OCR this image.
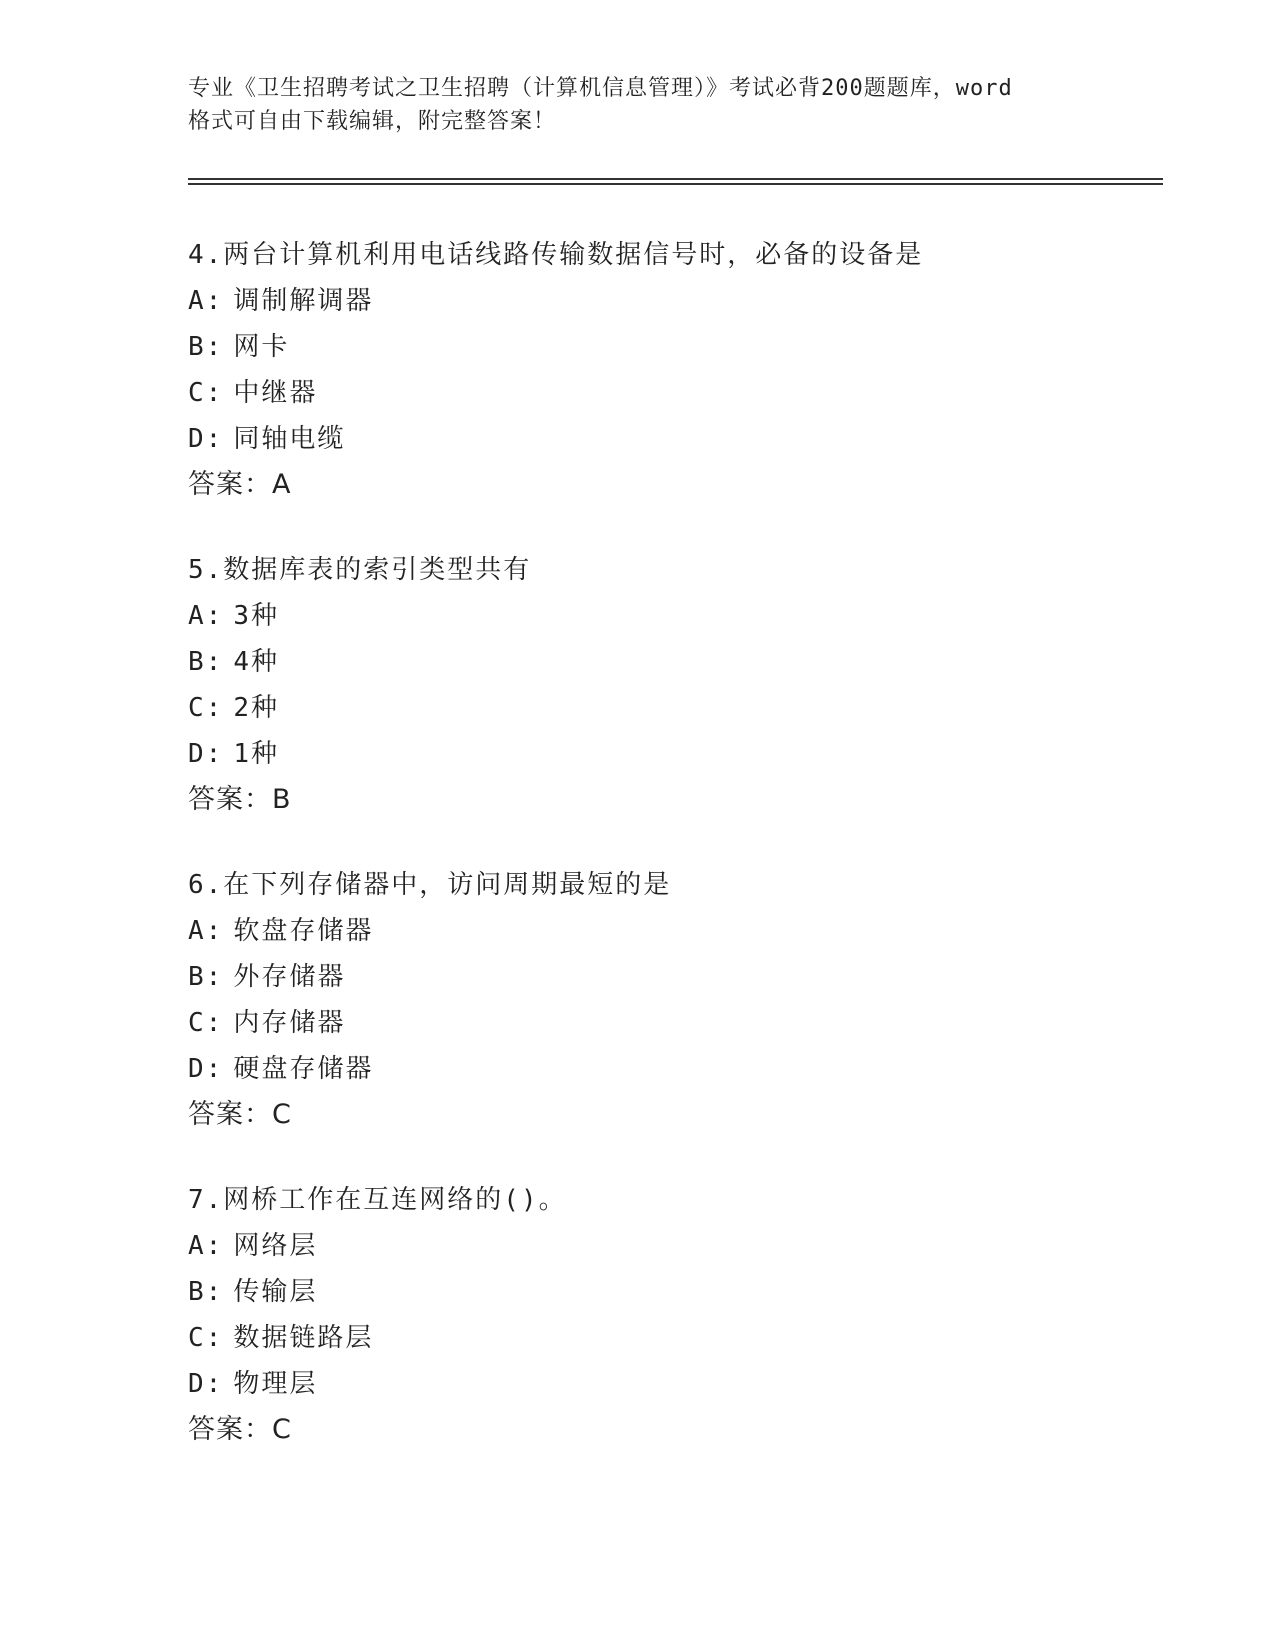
专业《卫生招聘考试之卫生招聘（计算机信息管理）》考试必背200题题库，word
格式可自由下载编辑，附完整答案！
4.两台计算机利用电话线路传输数据信号时，必备的设备是
A: 调制解调器
B: 网卡
C: 中继器
D: 同轴电缆
答案：A
5.数据库表的索引类型共有
A: 3种
B: 4种
C: 2种
D: 1种
答案：B
6.在下列存储器中，访问周期最短的是
A: 软盘存储器
B: 外存储器
C: 内存储器
D: 硬盘存储器
答案：C
7.网桥工作在互连网络的()。
A: 网络层
B: 传输层
C: 数据链路层
D: 物理层
答案：C
